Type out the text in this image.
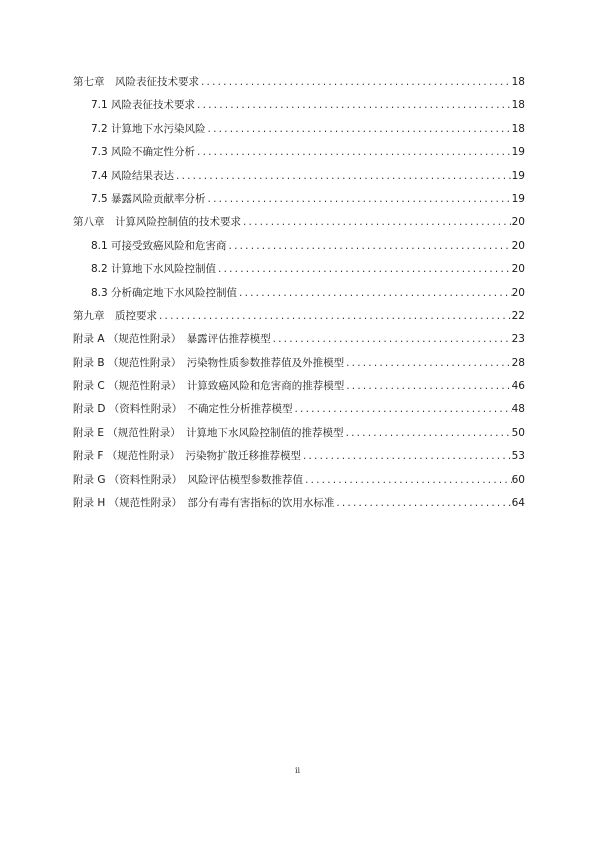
第七章　风险表征技术要求 .....	18
7.1 风险表征技术要求 .....	18
7.2 计算地下水污染风险 .....	18
7.3 风险不确定性分析 .....	19
7.4 风险结果表达 .....	19
7.5 暴露风险贡献率分析 .....	19
第八章　计算风险控制值的技术要求 .....	20
8.1 可接受致癌风险和危害商 .....	20
8.2 计算地下水风险控制值 .....	20
8.3 分析确定地下水风险控制值 .....	20
第九章　质控要求 .....	22
附录 A （规范性附录）　暴露评估推荐模型 .....	23
附录 B （规范性附录）　污染物性质参数推荐值及外推模型 .....	28
附录 C （规范性附录）　计算致癌风险和危害商的推荐模型 .....	46
附录 D （资料性附录）　不确定性分析推荐模型 .....	48
附录 E （规范性附录）　计算地下水风险控制值的推荐模型 .....	50
附录 F （规范性附录）　污染物扩散迁移推荐模型 .....	53
附录 G （资料性附录）　风险评估模型参数推荐值 .....	60
附录 H （规范性附录）　部分有毒有害指标的饮用水标准 .....	64
ii
